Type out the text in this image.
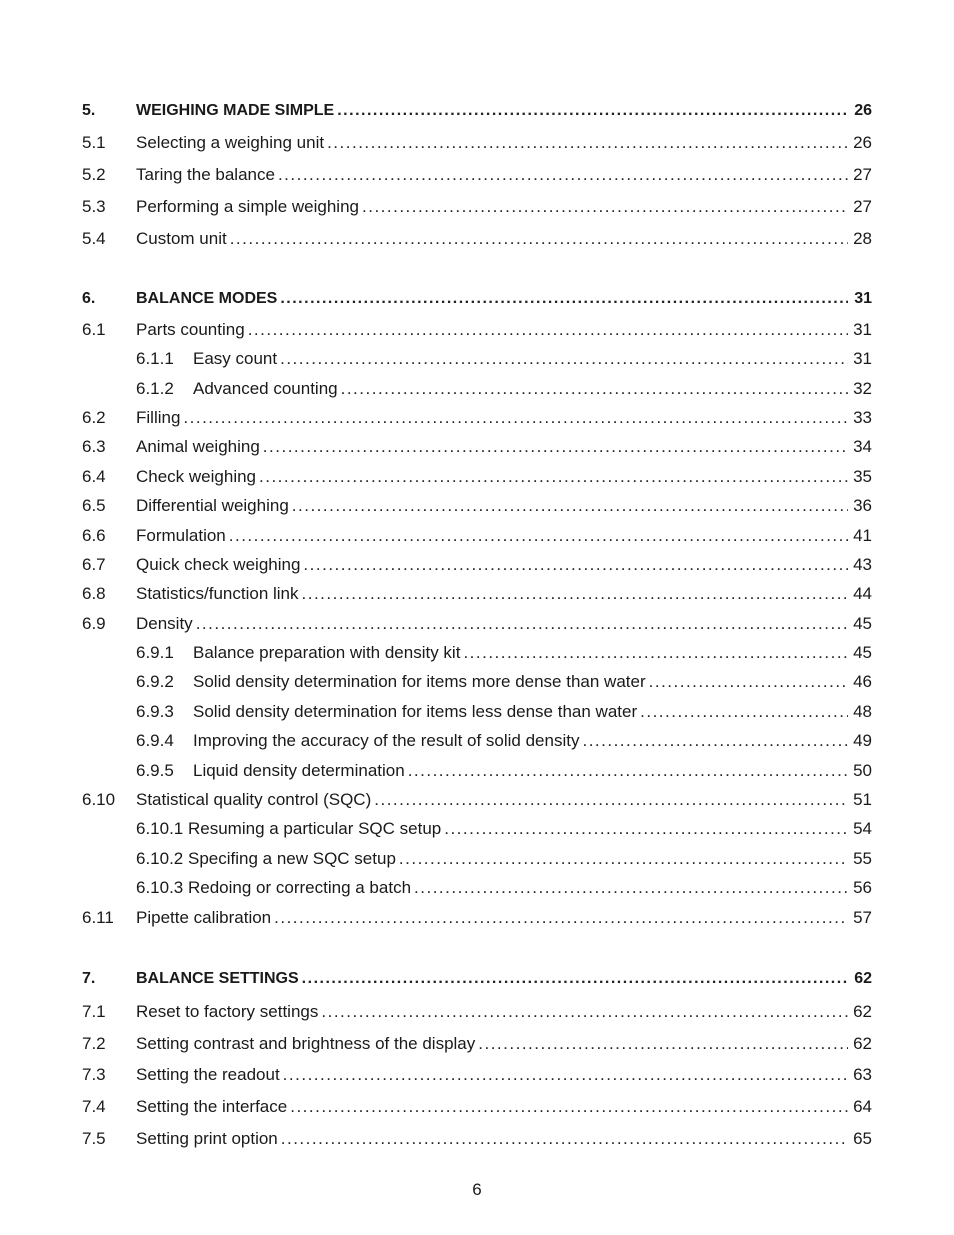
5.	WEIGHING MADE SIMPLE .....	26
5.1	Selecting a weighing unit .....	26
5.2	Taring the balance .....	27
5.3	Performing a simple weighing .....	27
5.4	Custom unit .....	28
6.	BALANCE MODES .....	31
6.1	Parts counting .....	31
6.1.1	Easy count .....	31
6.1.2	Advanced counting .....	32
6.2	Filling .....	33
6.3	Animal weighing .....	34
6.4	Check weighing .....	35
6.5	Differential weighing .....	36
6.6	Formulation .....	41
6.7	Quick check weighing .....	43
6.8	Statistics/function link .....	44
6.9	Density .....	45
6.9.1	Balance preparation with density kit .....	45
6.9.2	Solid density determination for items more dense than water .....	46
6.9.3	Solid density determination for items less dense than water .....	48
6.9.4	Improving the accuracy of the result of solid density .....	49
6.9.5	Liquid density determination .....	50
6.10	Statistical quality control (SQC) .....	51
6.10.1 Resuming a particular SQC setup .....	54
6.10.2 Specifing a new SQC setup .....	55
6.10.3 Redoing or correcting a batch .....	56
6.11	Pipette calibration .....	57
7.	BALANCE SETTINGS .....	62
7.1	Reset to factory settings .....	62
7.2	Setting contrast and brightness of the display .....	62
7.3	Setting the readout .....	63
7.4	Setting the interface .....	64
7.5	Setting print option .....	65
6
